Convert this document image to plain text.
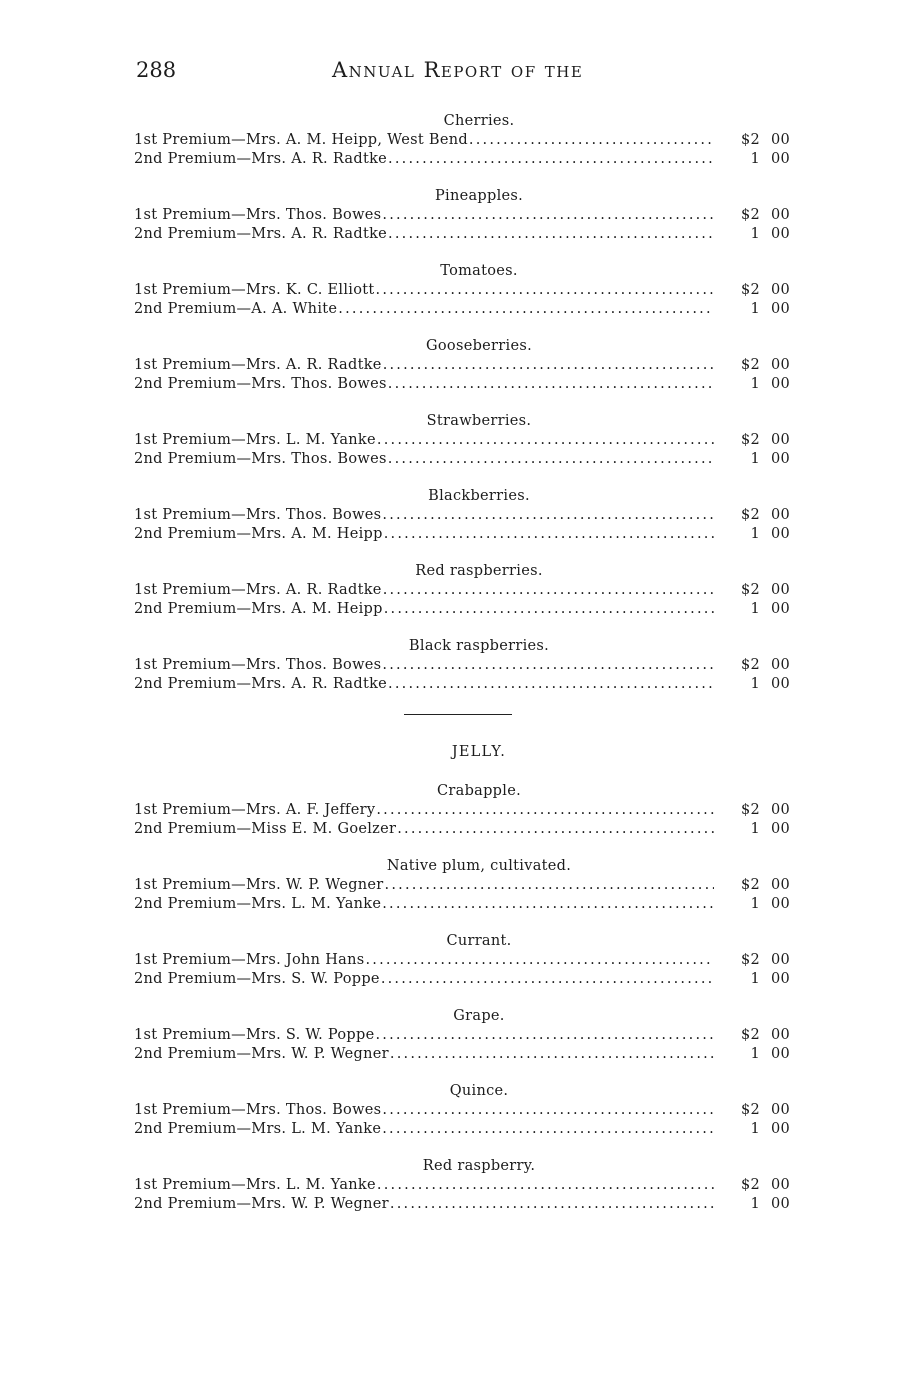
288	Annual Report of the
Cherries.
1st Premium—Mrs. A. M. Heipp, West Bend .....	$2 00
2nd Premium—Mrs. A. R. Radtke .....	1 00
Pineapples.
1st Premium—Mrs. Thos. Bowes .....	$2 00
2nd Premium—Mrs. A. R. Radtke .....	1 00
Tomatoes.
1st Premium—Mrs. K. C. Elliott .....	$2 00
2nd Premium—A. A. White .....	1 00
Gooseberries.
1st Premium—Mrs. A. R. Radtke .....	$2 00
2nd Premium—Mrs. Thos. Bowes .....	1 00
Strawberries.
1st Premium—Mrs. L. M. Yanke .....	$2 00
2nd Premium—Mrs. Thos. Bowes .....	1 00
Blackberries.
1st Premium—Mrs. Thos. Bowes .....	$2 00
2nd Premium—Mrs. A. M. Heipp .....	1 00
Red raspberries.
1st Premium—Mrs. A. R. Radtke .....	$2 00
2nd Premium—Mrs. A. M. Heipp .....	1 00
Black raspberries.
1st Premium—Mrs. Thos. Bowes .....	$2 00
2nd Premium—Mrs. A. R. Radtke .....	1 00
JELLY.
Crabapple.
1st Premium—Mrs. A. F. Jeffery .....	$2 00
2nd Premium—Miss E. M. Goelzer .....	1 00
Native plum, cultivated.
1st Premium—Mrs. W. P. Wegner .....	$2 00
2nd Premium—Mrs. L. M. Yanke .....	1 00
Currant.
1st Premium—Mrs. John Hans .....	$2 00
2nd Premium—Mrs. S. W. Poppe .....	1 00
Grape.
1st Premium—Mrs. S. W. Poppe .....	$2 00
2nd Premium—Mrs. W. P. Wegner .....	1 00
Quince.
1st Premium—Mrs. Thos. Bowes .....	$2 00
2nd Premium—Mrs. L. M. Yanke .....	1 00
Red raspberry.
1st Premium—Mrs. L. M. Yanke .....	$2 00
2nd Premium—Mrs. W. P. Wegner .....	1 00
